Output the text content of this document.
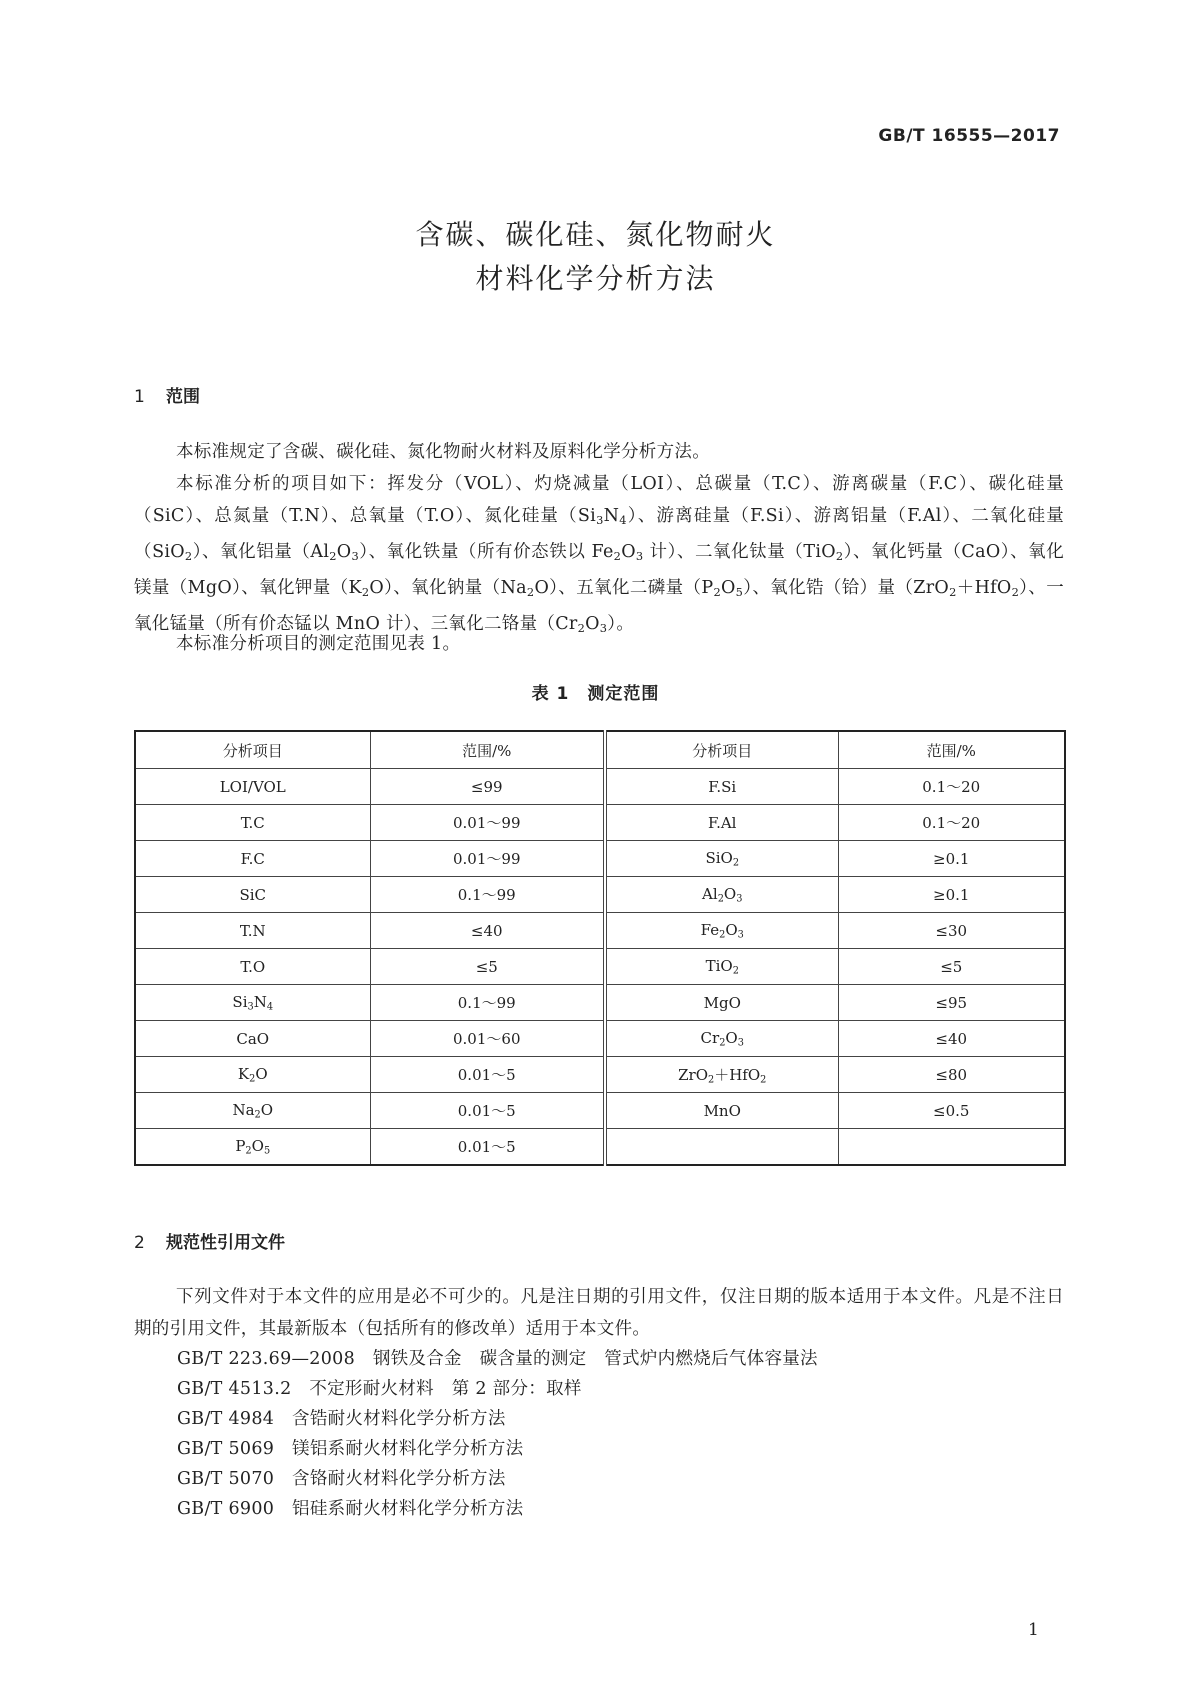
GB/T 16555—2017
含碳、碳化硅、氮化物耐火
材料化学分析方法
1 范围
本标准规定了含碳、碳化硅、氮化物耐火材料及原料化学分析方法。
本标准分析的项目如下：挥发分（VOL）、灼烧减量（LOI）、总碳量（T.C）、游离碳量（F.C）、碳化硅量（SiC）、总氮量（T.N）、总氧量（T.O）、氮化硅量$(Si_3N_4)$、游离硅量（F.Si）、游离铝量（F.Al）、二氧化硅量（SiO$_2$）、氧化铝量$(Al_2O_3)$、氧化铁量（所有价态铁以 $Fe_2O_3$ 计）、二氧化钛量（TiO$_2$）、氧化钙量（CaO）、氧化镁量（MgO）、氧化钾量$(K_2O)$、氧化钠量$(Na_2O)$、五氧化二磷量$(P_2O_5)$、氧化锆（铪）量（ZrO$_2$＋HfO$_2$）、一氧化锰量（所有价态锰以 MnO 计）、三氧化二铬量$(Cr_2O_3)$。
本标准分析项目的测定范围见表 1。
表 1　测定范围
分析项目	范围/%	分析项目	范围/%
LOI/VOL	≤99	F.Si	0.1～20
T.C	0.01～99	F.Al	0.1～20
F.C	0.01～99	SiO$_2$	≥0.1
SiC	0.1～99	$Al_2O_3$	≥0.1
T.N	≤40	$Fe_2O_3$	≤30
T.O	≤5	TiO$_2$	≤5
$Si_3N_4$	0.1～99	MgO	≤95
CaO	0.01～60	$Cr_2O_3$	≤40
$K_2O$	0.01～5	ZrO$_2$＋HfO$_2$	≤80
$Na_2O$	0.01～5	MnO	≤0.5
$P_2O_5$	0.01～5		
2 规范性引用文件
下列文件对于本文件的应用是必不可少的。凡是注日期的引用文件，仅注日期的版本适用于本文件。凡是不注日期的引用文件，其最新版本（包括所有的修改单）适用于本文件。
GB/T 223.69—2008　 钢铁及合金　碳含量的测定　管式炉内燃烧后气体容量法
GB/T 4513.2　 不定形耐火材料　第 2 部分：取样
GB/T 4984　 含锆耐火材料化学分析方法
GB/T 5069　 镁铝系耐火材料化学分析方法
GB/T 5070　 含铬耐火材料化学分析方法
GB/T 6900　 铝硅系耐火材料化学分析方法
1
